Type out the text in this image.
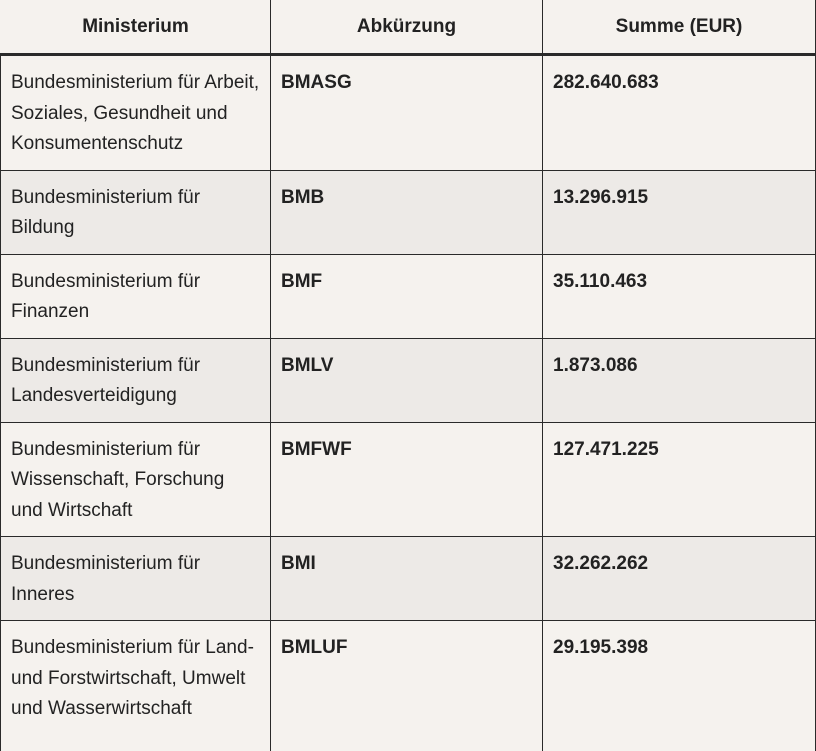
Ministerium	Abkürzung	Summe (EUR)
Bundesministerium für Arbeit, Soziales, Gesundheit und Konsumentenschutz	BMASG	282.640.683
Bundesministerium für Bildung	BMB	13.296.915
Bundesministerium für Finanzen	BMF	35.110.463
Bundesministerium für Landesverteidigung	BMLV	1.873.086
Bundesministerium für Wissenschaft, Forschung und Wirtschaft	BMFWF	127.471.225
Bundesministerium für Inneres	BMI	32.262.262
Bundesministerium für Land- und Forstwirtschaft, Umwelt und Wasserwirtschaft	BMLUF	29.195.398
